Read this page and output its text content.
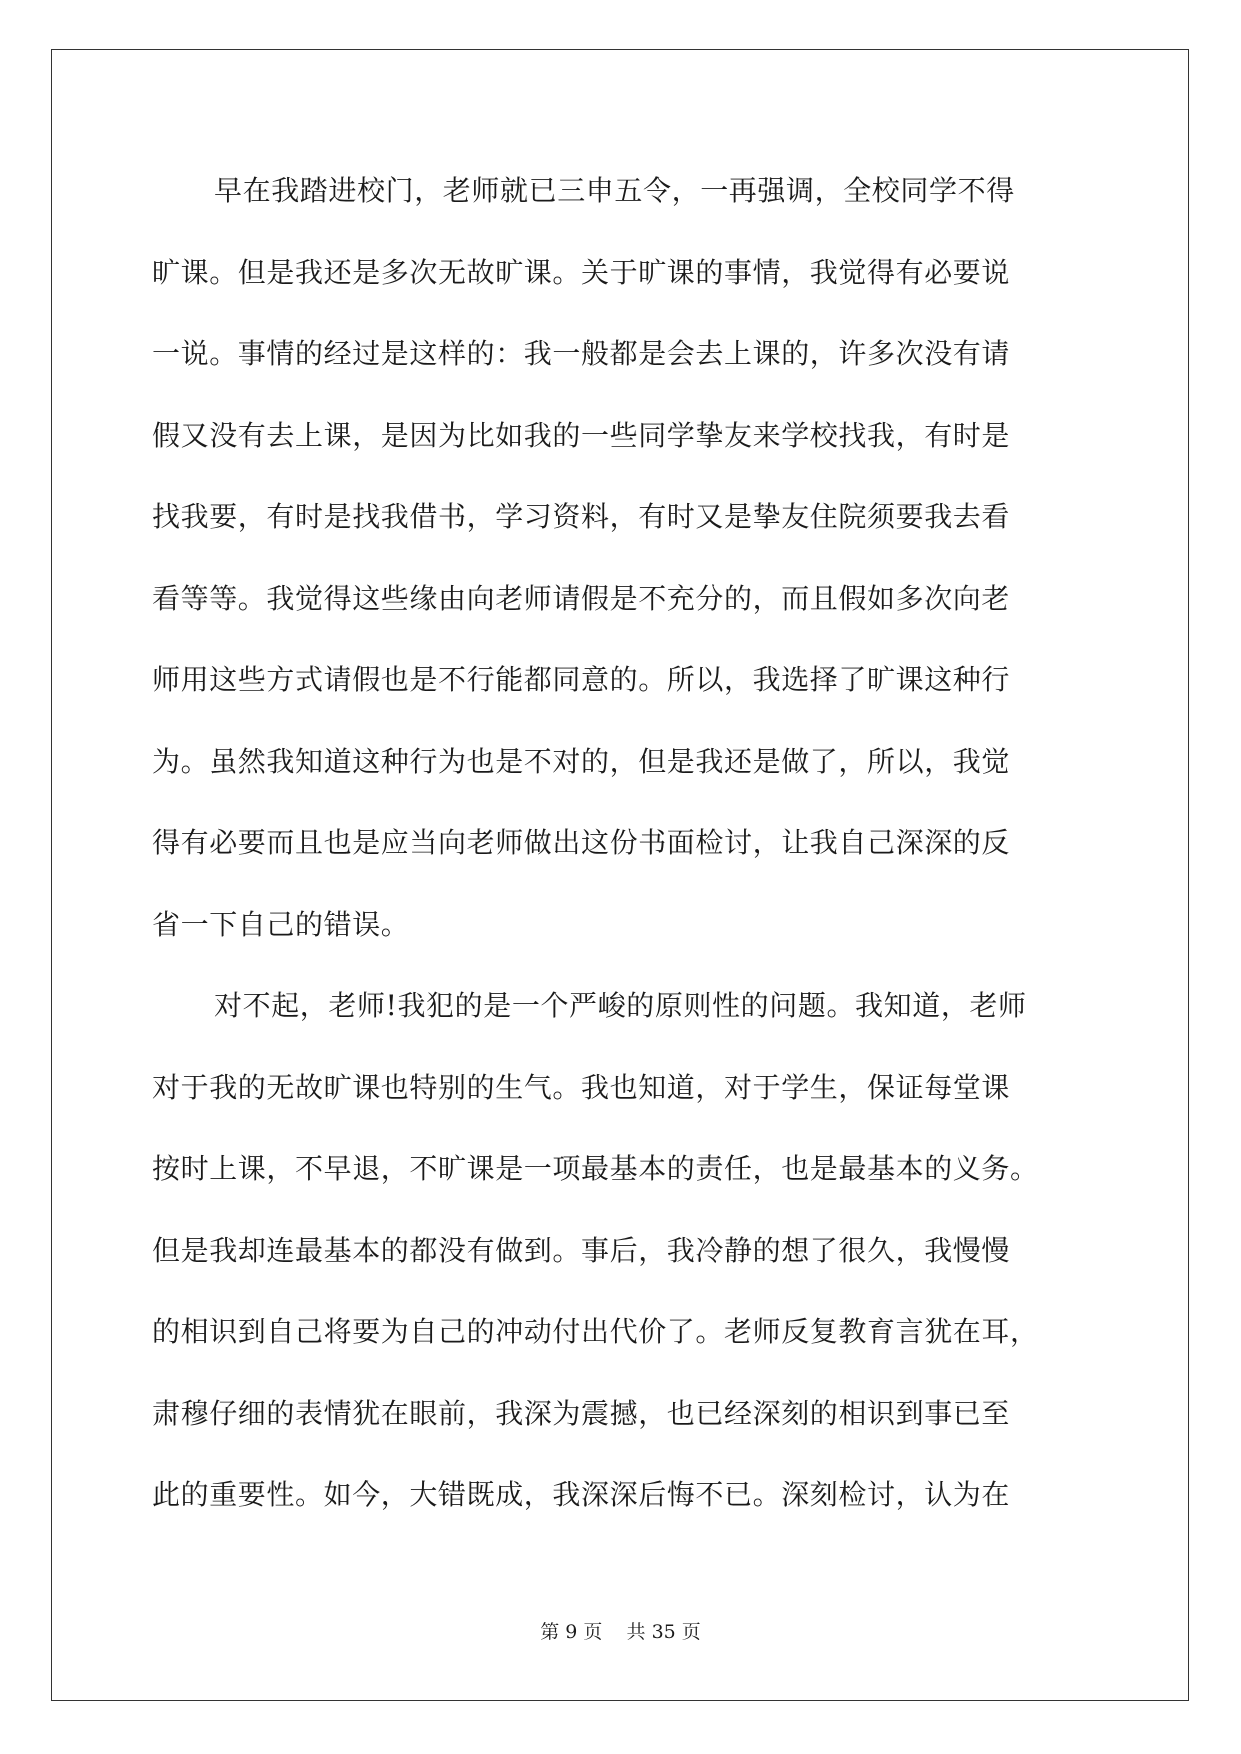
早在我踏进校门，老师就已三申五令，一再强调，全校同学不得
旷课。但是我还是多次无故旷课。关于旷课的事情，我觉得有必要说
一说。事情的经过是这样的：我一般都是会去上课的，许多次没有请
假又没有去上课，是因为比如我的一些同学挚友来学校找我，有时是
找我要，有时是找我借书，学习资料，有时又是挚友住院须要我去看
看等等。我觉得这些缘由向老师请假是不充分的，而且假如多次向老
师用这些方式请假也是不行能都同意的。所以，我选择了旷课这种行
为。虽然我知道这种行为也是不对的，但是我还是做了，所以，我觉
得有必要而且也是应当向老师做出这份书面检讨，让我自己深深的反
省一下自己的错误。
对不起，老师!我犯的是一个严峻的原则性的问题。我知道，老师
对于我的无故旷课也特别的生气。我也知道，对于学生，保证每堂课
按时上课，不早退，不旷课是一项最基本的责任，也是最基本的义务。
但是我却连最基本的都没有做到。事后，我冷静的想了很久，我慢慢
的相识到自己将要为自己的冲动付出代价了。老师反复教育言犹在耳，
肃穆仔细的表情犹在眼前，我深为震撼，也已经深刻的相识到事已至
此的重要性。如今，大错既成，我深深后悔不已。深刻检讨，认为在
第 9 页 共 35 页
